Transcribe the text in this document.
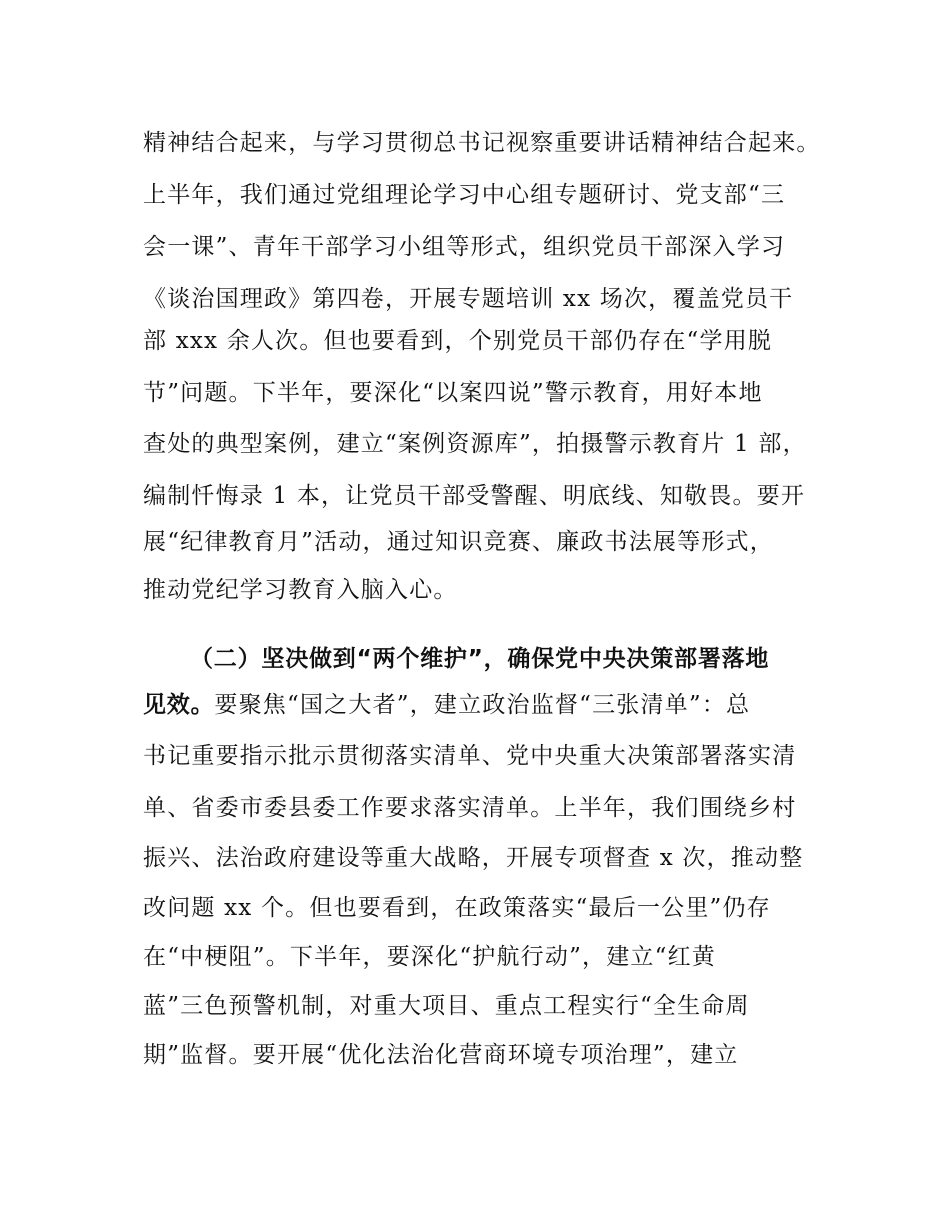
精神结合起来，与学习贯彻总书记视察重要讲话精神结合起来。
上半年，我们通过党组理论学习中心组专题研讨、党支部“三
会一课”、青年干部学习小组等形式，组织党员干部深入学习
《谈治国理政》第四卷，开展专题培训 xx 场次，覆盖党员干
部 xxx 余人次。但也要看到，个别党员干部仍存在“学用脱
节”问题。下半年，要深化“以案四说”警示教育，用好本地
查处的典型案例，建立“案例资源库”，拍摄警示教育片 1 部，
编制忏悔录 1 本，让党员干部受警醒、明底线、知敬畏。要开
展“纪律教育月”活动，通过知识竞赛、廉政书法展等形式，
推动党纪学习教育入脑入心。
（二）坚决做到“两个维护”，确保党中央决策部署落地
见效。要聚焦“国之大者”，建立政治监督“三张清单”：总
书记重要指示批示贯彻落实清单、党中央重大决策部署落实清
单、省委市委县委工作要求落实清单。上半年，我们围绕乡村
振兴、法治政府建设等重大战略，开展专项督查 x 次，推动整
改问题 xx 个。但也要看到，在政策落实“最后一公里”仍存
在“中梗阻”。下半年，要深化“护航行动”，建立“红黄
蓝”三色预警机制，对重大项目、重点工程实行“全生命周
期”监督。要开展“优化法治化营商环境专项治理”，建立
